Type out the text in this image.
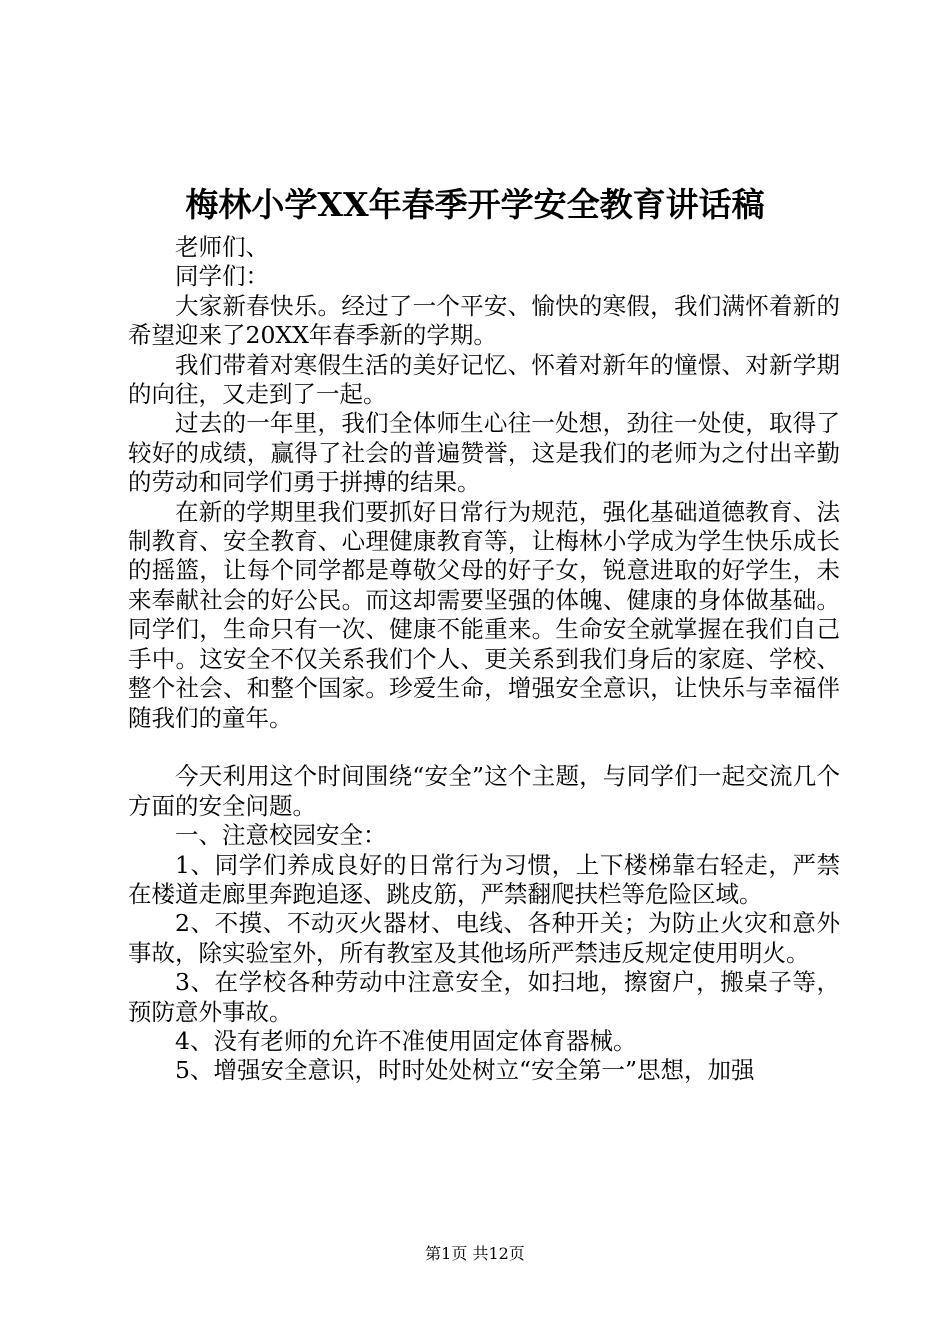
梅林小学XX年春季开学安全教育讲话稿

老师们、

同学们：

大家新春快乐。经过了一个平安、愉快的寒假，我们满怀着新的希望迎来了20XX年春季新的学期。

我们带着对寒假生活的美好记忆、怀着对新年的憧憬、对新学期的向往，又走到了一起。

过去的一年里，我们全体师生心往一处想，劲往一处使，取得了较好的成绩，赢得了社会的普遍赞誉，这是我们的老师为之付出辛勤的劳动和同学们勇于拼搏的结果。

在新的学期里我们要抓好日常行为规范，强化基础道德教育、法制教育、安全教育、心理健康教育等，让梅林小学成为学生快乐成长的摇篮，让每个同学都是尊敬父母的好子女，锐意进取的好学生，未来奉献社会的好公民。而这却需要坚强的体魄、健康的身体做基础。同学们，生命只有一次、健康不能重来。生命安全就掌握在我们自己手中。这安全不仅关系我们个人、更关系到我们身后的家庭、学校、整个社会、和整个国家。珍爱生命，增强安全意识，让快乐与幸福伴随我们的童年。

今天利用这个时间围绕“安全”这个主题，与同学们一起交流几个方面的安全问题。

一、注意校园安全：

1、同学们养成良好的日常行为习惯，上下楼梯靠右轻走，严禁在楼道走廊里奔跑追逐、跳皮筋，严禁翻爬扶栏等危险区域。

2、不摸、不动灭火器材、电线、各种开关；为防止火灾和意外事故，除实验室外，所有教室及其他场所严禁违反规定使用明火。

3、在学校各种劳动中注意安全，如扫地，擦窗户，搬桌子等，预防意外事故。

4、没有老师的允许不准使用固定体育器械。

5、增强安全意识，时时处处树立“安全第一”思想，加强

第1页 共12页
